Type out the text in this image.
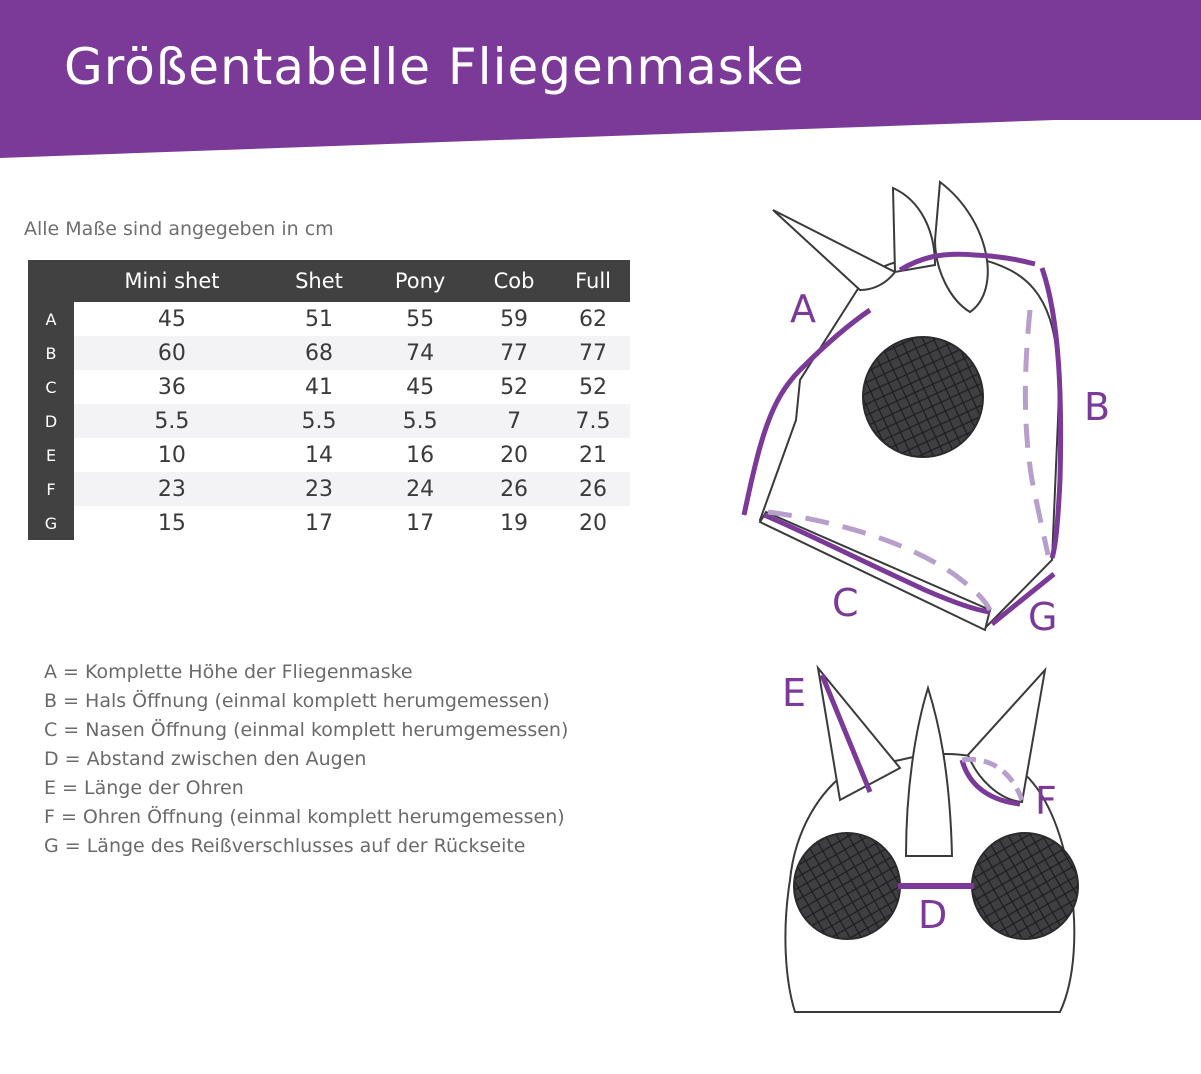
Größentabelle Fliegenmaske
Alle Maße sind angegeben in cm
	Mini shet	Shet	Pony	Cob	Full
A	45	51	55	59	62
B	60	68	74	77	77
C	36	41	45	52	52
D	5.5	5.5	5.5	7	7.5
E	10	14	16	20	21
F	23	23	24	26	26
G	15	17	17	19	20
A = Komplette Höhe der Fliegenmaske
B = Hals Öffnung (einmal komplett herumgemessen)
C = Nasen Öffnung (einmal komplett herumgemessen)
D = Abstand zwischen den Augen
E = Länge der Ohren
F = Ohren Öffnung (einmal komplett herumgemessen)
G = Länge des Reißverschlusses auf der Rückseite
A
B
C	G
E
F
D
